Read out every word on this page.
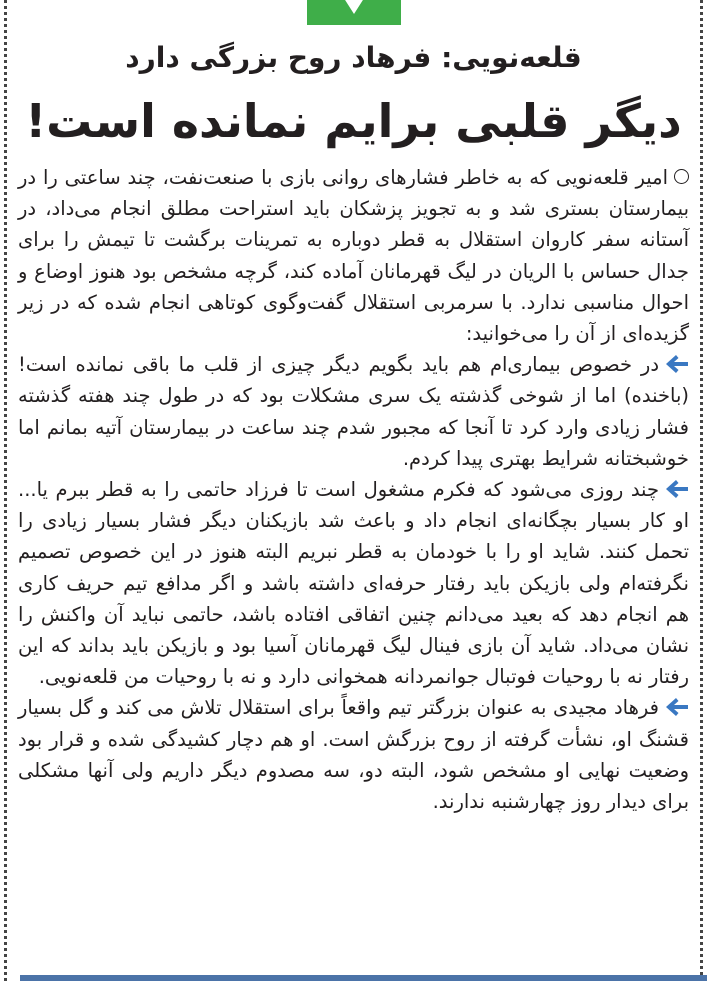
قلعه‌نویی: فرهاد روح بزرگی دارد
دیگر قلبی برایم نمانده است!

امیر قلعه‌نویی که به خاطر فشارهای روانی بازی با صنعت‌نفت، چند ساعتی را در بیمارستان بستری شد و به تجویز پزشکان باید استراحت مطلق انجام می‌داد، در آستانه سفر کاروان استقلال به قطر دوباره به تمرینات برگشت تا تیمش را برای جدال حساس با الریان در لیگ قهرمانان آماده کند، گرچه مشخص بود هنوز اوضاع و احوال مناسبی ندارد. با سرمربی استقلال گفت‌وگوی کوتاهی انجام شده که در زیر گزیده‌ای از آن را می‌خوانید:

در خصوص بیماری‌ام هم باید بگویم دیگر چیزی از قلب ما باقی نمانده است! (باخنده) اما از شوخی گذشته یک سری مشکلات بود که در طول چند هفته گذشته فشار زیادی وارد کرد تا آنجا که مجبور شدم چند ساعت در بیمارستان آتیه بمانم اما خوشبختانه شرایط بهتری پیدا کردم.

چند روزی می‌شود که فکرم مشغول است تا فرزاد حاتمی را به قطر ببرم یا... او کار بسیار بچگانه‌ای انجام داد و باعث شد بازیکنان دیگر فشار بسیار زیادی را تحمل کنند. شاید او را با خودمان به قطر نبریم البته هنوز در این خصوص تصمیم نگرفته‌ام ولی بازیکن باید رفتار حرفه‌ای داشته باشد و اگر مدافع تیم حریف کاری هم انجام دهد که بعید می‌دانم چنین اتفاقی افتاده باشد، حاتمی نباید آن واکنش را نشان می‌داد. شاید آن بازی فینال لیگ قهرمانان آسیا بود و بازیکن باید بداند که این رفتار نه با روحیات فوتبال جوانمردانه همخوانی دارد و نه با روحیات من قلعه‌نویی.

فرهاد مجیدی به عنوان بزرگتر تیم واقعاً برای استقلال تلاش می کند و گل بسیار قشنگ او، نشأت گرفته از روح بزرگش است. او هم دچار کشیدگی شده و قرار بود وضعیت نهایی او مشخص شود، البته دو، سه مصدوم دیگر داریم ولی آنها مشکلی برای دیدار روز چهارشنبه ندارند.
